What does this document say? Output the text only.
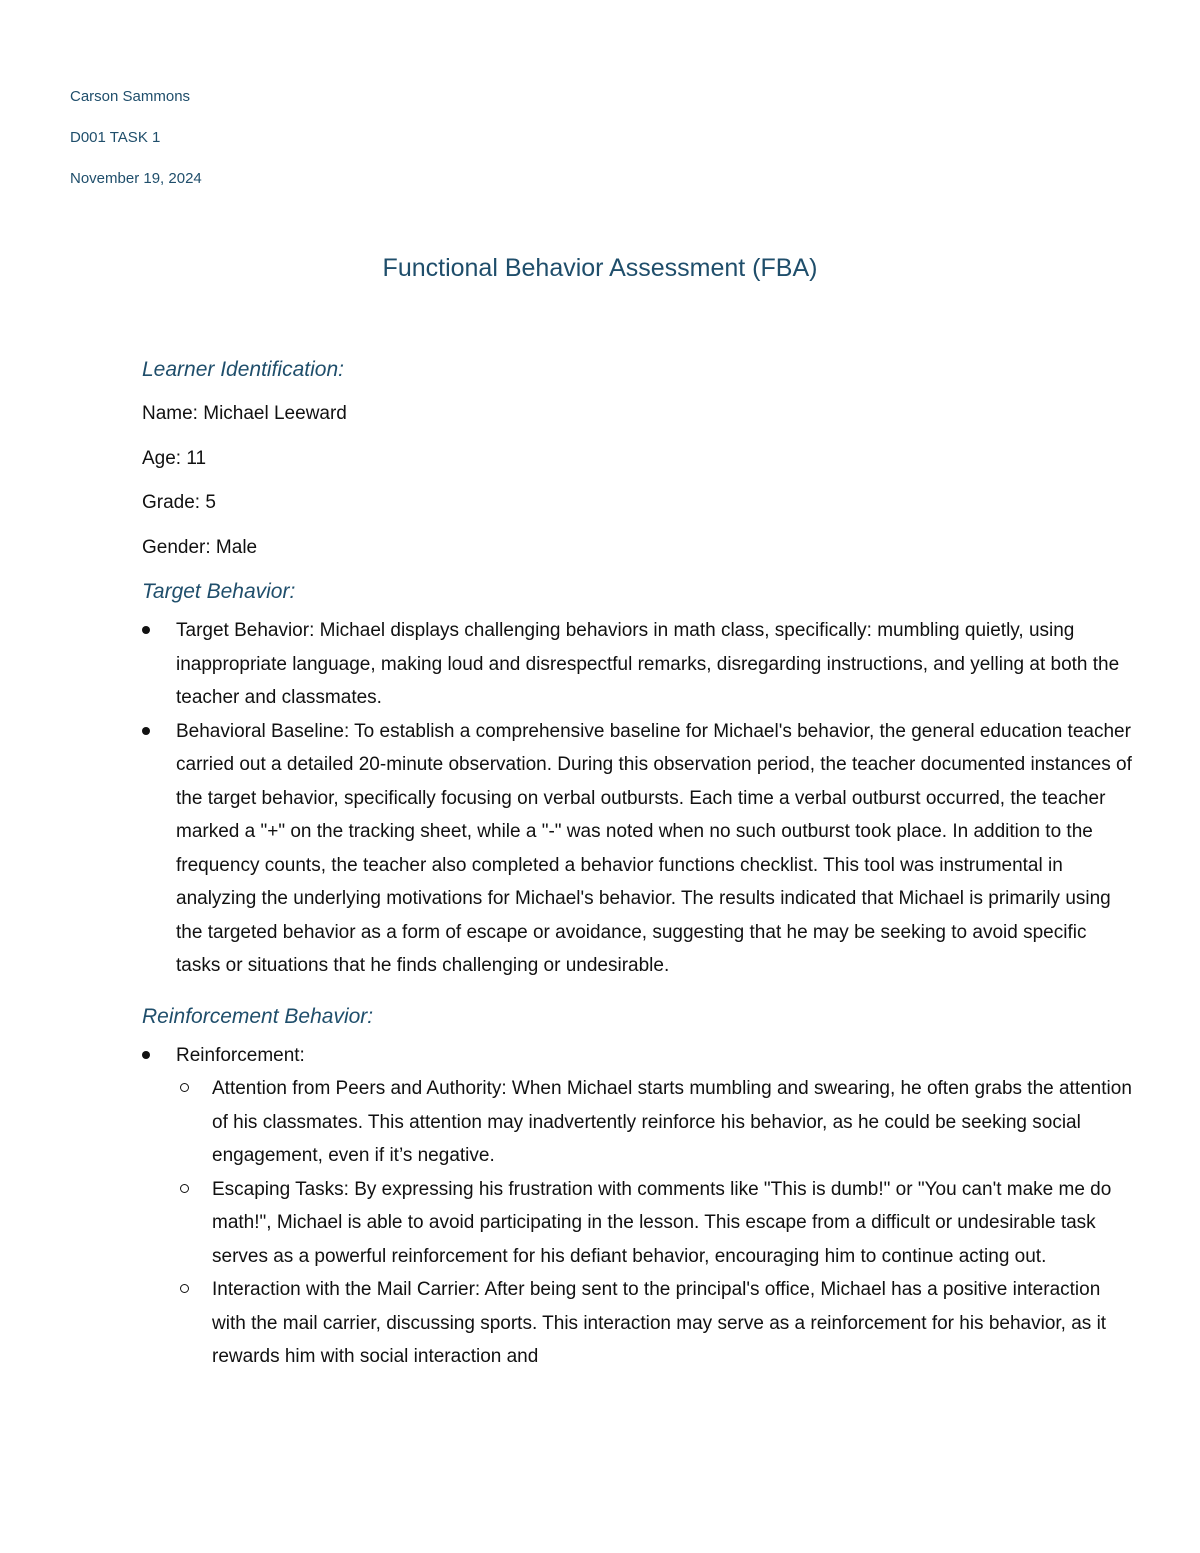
Carson Sammons
D001 TASK 1
November 19, 2024
Functional Behavior Assessment (FBA)
Learner Identification:
Name: Michael Leeward
Age: 11
Grade: 5
Gender: Male
Target Behavior:
Target Behavior: Michael displays challenging behaviors in math class, specifically: mumbling quietly, using inappropriate language, making loud and disrespectful remarks, disregarding instructions, and yelling at both the teacher and classmates.
Behavioral Baseline: To establish a comprehensive baseline for Michael's behavior, the general education teacher carried out a detailed 20-minute observation. During this observation period, the teacher documented instances of the target behavior, specifically focusing on verbal outbursts. Each time a verbal outburst occurred, the teacher marked a "+" on the tracking sheet, while a "-" was noted when no such outburst took place. In addition to the frequency counts, the teacher also completed a behavior functions checklist. This tool was instrumental in analyzing the underlying motivations for Michael's behavior. The results indicated that Michael is primarily using the targeted behavior as a form of escape or avoidance, suggesting that he may be seeking to avoid specific tasks or situations that he finds challenging or undesirable.
Reinforcement Behavior:
Reinforcement:
Attention from Peers and Authority: When Michael starts mumbling and swearing, he often grabs the attention of his classmates. This attention may inadvertently reinforce his behavior, as he could be seeking social engagement, even if it’s negative.
Escaping Tasks: By expressing his frustration with comments like "This is dumb!" or "You can't make me do math!", Michael is able to avoid participating in the lesson. This escape from a difficult or undesirable task serves as a powerful reinforcement for his defiant behavior, encouraging him to continue acting out.
Interaction with the Mail Carrier: After being sent to the principal's office, Michael has a positive interaction with the mail carrier, discussing sports. This interaction may serve as a reinforcement for his behavior, as it rewards him with social interaction and
